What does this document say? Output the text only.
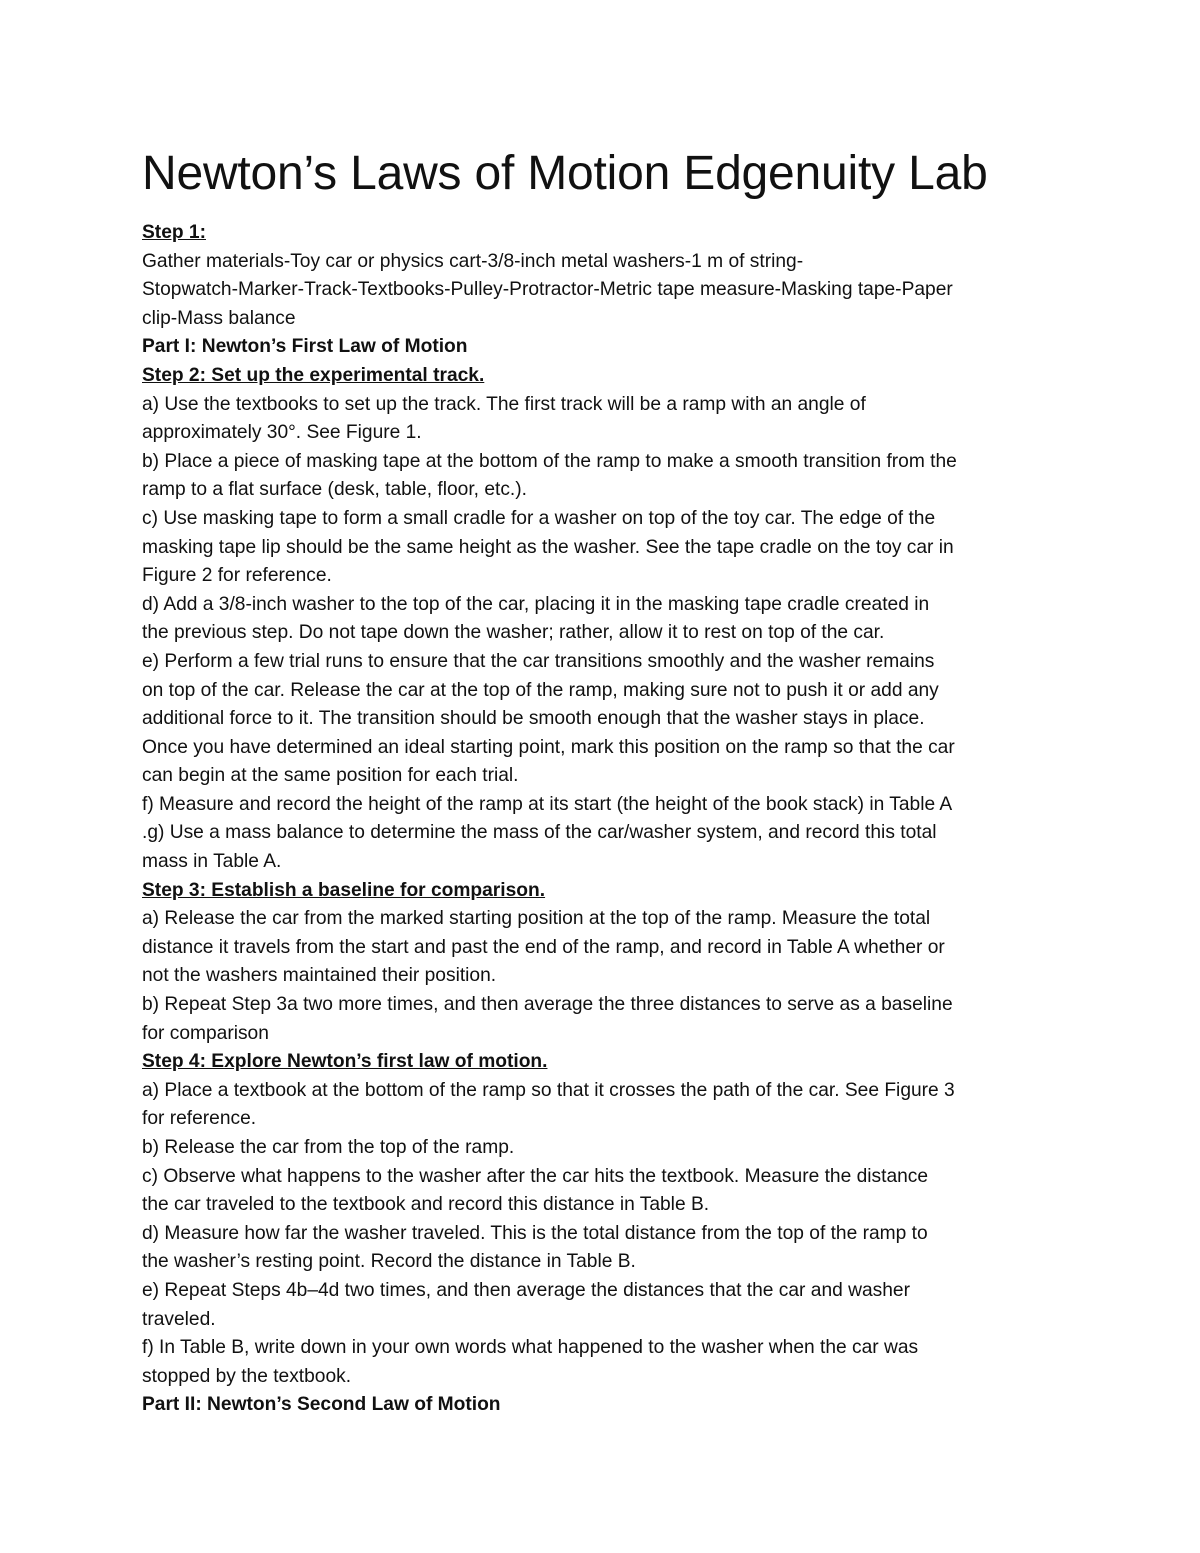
Newton’s Laws of Motion Edgenuity Lab

Step 1:

Gather materials-Toy car or physics cart-3/8-inch metal washers-1 m of string-

Stopwatch-Marker-Track-Textbooks-Pulley-Protractor-Metric tape measure-Masking tape-Paper

clip-Mass balance

Part I: Newton’s First Law of Motion

Step 2: Set up the experimental track.

a) Use the textbooks to set up the track. The first track will be a ramp with an angle of

approximately 30°. See Figure 1.

b) Place a piece of masking tape at the bottom of the ramp to make a smooth transition from the

ramp to a flat surface (desk, table, floor, etc.).

c) Use masking tape to form a small cradle for a washer on top of the toy car. The edge of the

masking tape lip should be the same height as the washer. See the tape cradle on the toy car in

Figure 2 for reference.

d) Add a 3/8-inch washer to the top of the car, placing it in the masking tape cradle created in

the previous step. Do not tape down the washer; rather, allow it to rest on top of the car.

e) Perform a few trial runs to ensure that the car transitions smoothly and the washer remains

on top of the car. Release the car at the top of the ramp, making sure not to push it or add any

additional force to it. The transition should be smooth enough that the washer stays in place.

Once you have determined an ideal starting point, mark this position on the ramp so that the car

can begin at the same position for each trial.

f) Measure and record the height of the ramp at its start (the height of the book stack) in Table A

.g) Use a mass balance to determine the mass of the car/washer system, and record this total

mass in Table A.

Step 3: Establish a baseline for comparison.

a) Release the car from the marked starting position at the top of the ramp. Measure the total

distance it travels from the start and past the end of the ramp, and record in Table A whether or

not the washers maintained their position.

b) Repeat Step 3a two more times, and then average the three distances to serve as a baseline

for comparison

Step 4: Explore Newton’s first law of motion.

a) Place a textbook at the bottom of the ramp so that it crosses the path of the car. See Figure 3

for reference.

b) Release the car from the top of the ramp.

c) Observe what happens to the washer after the car hits the textbook. Measure the distance

the car traveled to the textbook and record this distance in Table B.

d) Measure how far the washer traveled. This is the total distance from the top of the ramp to

the washer’s resting point. Record the distance in Table B.

e) Repeat Steps 4b–4d two times, and then average the distances that the car and washer

traveled.

f) In Table B, write down in your own words what happened to the washer when the car was

stopped by the textbook.

Part II: Newton’s Second Law of Motion
